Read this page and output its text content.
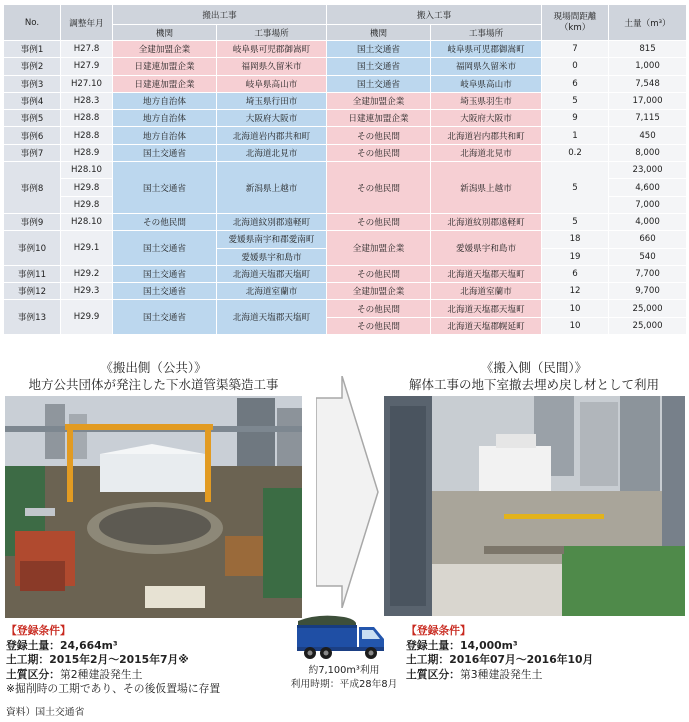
No.	調整年月	搬出工事		搬入工事		現場間距離（km）	土量（m³）
		機関	工事場所	機関	工事場所		
事例1	H27.8	全建加盟企業	岐阜県可児郡御嵩町	国土交通省	岐阜県可児郡御嵩町	7	815
事例2	H27.9	日建連加盟企業	福岡県久留米市	国土交通省	福岡県久留米市	0	1,000
事例3	H27.10	日建連加盟企業	岐阜県高山市	国土交通省	岐阜県高山市	6	7,548
事例4	H28.3	地方自治体	埼玉県行田市	全建加盟企業	埼玉県羽生市	5	17,000
事例5	H28.8	地方自治体	大阪府大阪市	日建連加盟企業	大阪府大阪市	9	7,115
事例6	H28.8	地方自治体	北海道岩内郡共和町	その他民間	北海道岩内郡共和町	1	450
事例7	H28.9	国土交通省	北海道北見市	その他民間	北海道北見市	0.2	8,000
事例8	H28.10	国土交通省	新潟県上越市	その他民間	新潟県上越市	5	23,000
	H29.8						4,600
	H29.8						7,000
事例9	H28.10	その他民間	北海道紋別郡遠軽町	その他民間	北海道紋別郡遠軽町	5	4,000
事例10	H29.1	国土交通省	愛媛県南宇和郡愛南町	全建加盟企業	愛媛県宇和島市	18	660
			愛媛県宇和島市			19	540
事例11	H29.2	国土交通省	北海道天塩郡天塩町	その他民間	北海道天塩郡天塩町	6	7,700
事例12	H29.3	国土交通省	北海道室蘭市	全建加盟企業	北海道室蘭市	12	9,700
事例13	H29.9	国土交通省	北海道天塩郡天塩町	その他民間	北海道天塩郡天塩町	10	25,000
				その他民間	北海道天塩郡幌延町	10	25,000
《搬出側（公共）》
地方公共団体が発注した下水道管渠築造工事
《搬入側（民間）》
解体工事の地下室撤去埋め戻し材として利用
【登録条件】
登録土量：24,664m³
土工期：2015年2月～2015年7月※
土質区分：第2種建設発生土
※掘削時の工期であり、その後仮置場に存置
【登録条件】
登録土量：14,000m³
土工期：2016年07月～2016年10月
土質区分：第3種建設発生土
約7,100m³利用
利用時期：平成28年8月
資料）国土交通省
